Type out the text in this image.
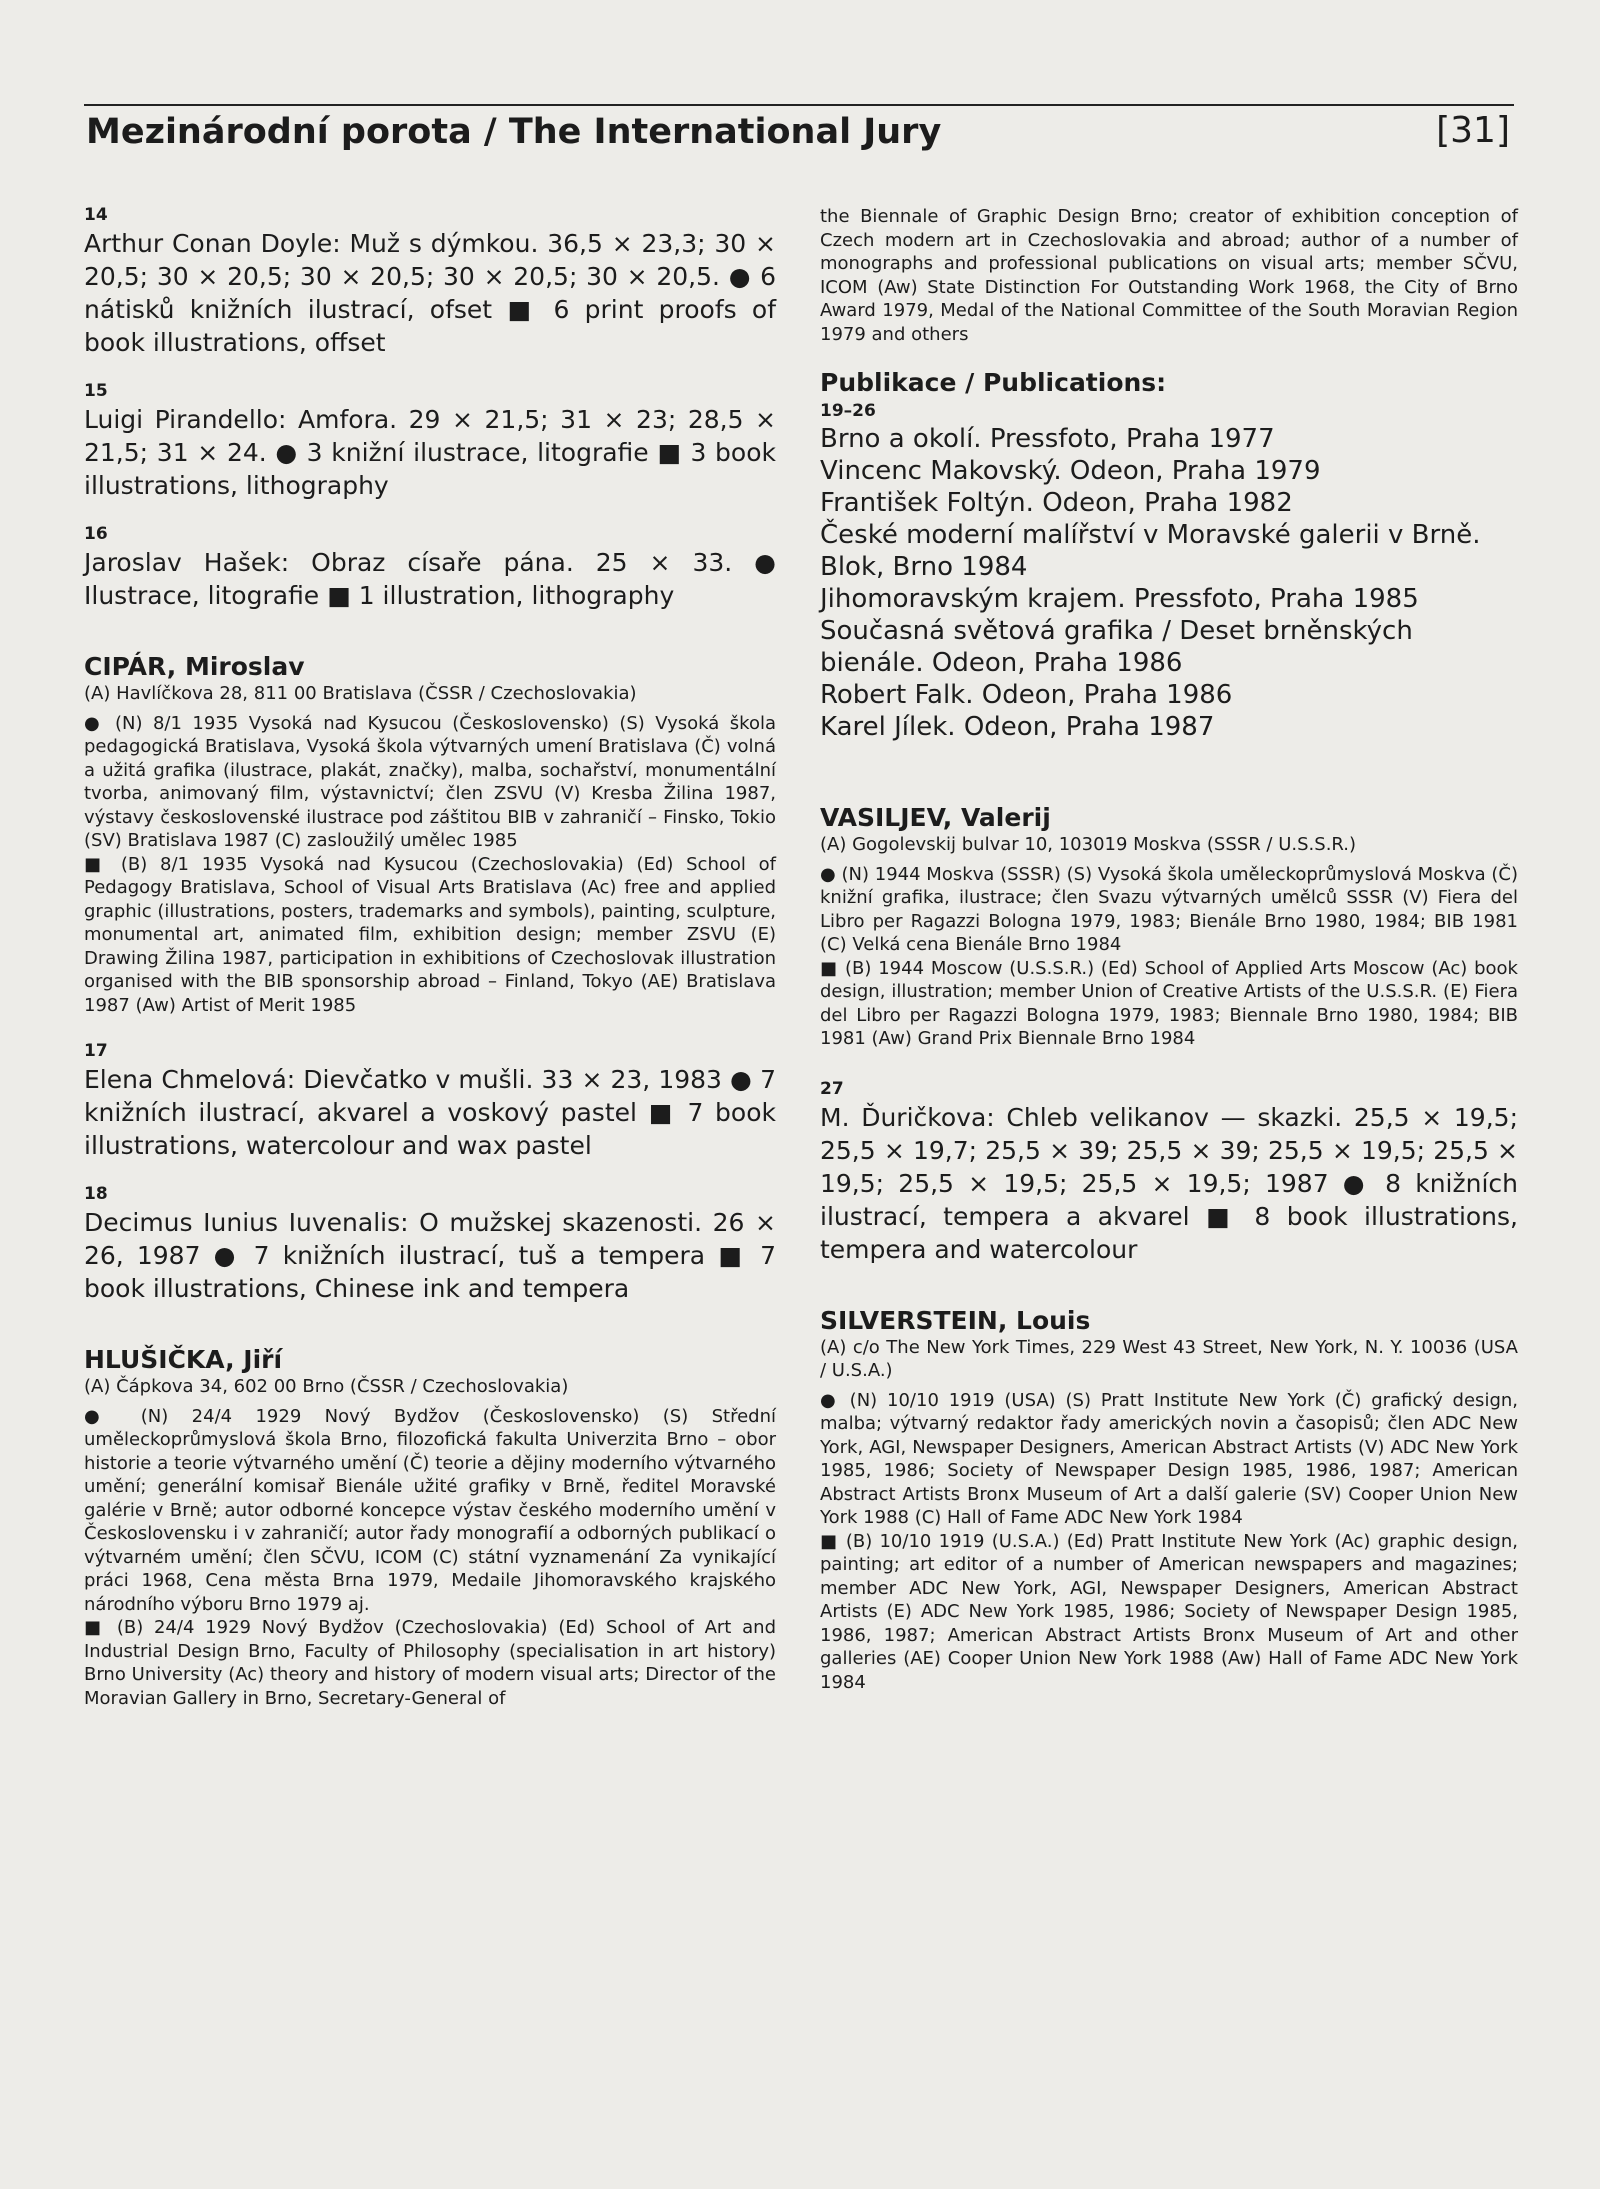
Mezinárodní porota / The International Jury	[31]

14

Arthur Conan Doyle: Muž s dýmkou. 36,5 × 23,3; 30 × 20,5; 30 × 20,5; 30 × 20,5; 30 × 20,5; 30 × 20,5. ● 6 nátisků knižních ilustrací, ofset ■ 6 print proofs of book illustrations, offset

15

Luigi Pirandello: Amfora. 29 × 21,5; 31 × 23; 28,5 × 21,5; 31 × 24. ● 3 knižní ilustrace, litografie ■ 3 book illustrations, lithography

16

Jaroslav Hašek: Obraz císaře pána. 25 × 33. ● Ilustrace, litografie ■ 1 illustration, lithography

CIPÁR, Miroslav

(A) Havlíčkova 28, 811 00 Bratislava (ČSSR / Czechoslovakia)

● (N) 8/1 1935 Vysoká nad Kysucou (Československo) (S) Vysoká škola pedagogická Bratislava, Vysoká škola výtvarných umení Bratislava (Č) volná a užitá grafika (ilustrace, plakát, značky), malba, sochařství, monumentální tvorba, animovaný film, výstavnictví; člen ZSVU (V) Kresba Žilina 1987, výstavy československé ilustrace pod záštitou BIB v zahraničí – Finsko, Tokio (SV) Bratislava 1987 (C) zasloužilý umělec 1985

■ (B) 8/1 1935 Vysoká nad Kysucou (Czechoslovakia) (Ed) School of Pedagogy Bratislava, School of Visual Arts Bratislava (Ac) free and applied graphic (illustrations, posters, trademarks and symbols), painting, sculpture, monumental art, animated film, exhibition design; member ZSVU (E) Drawing Žilina 1987, participation in exhibitions of Czechoslovak illustration organised with the BIB sponsorship abroad – Finland, Tokyo (AE) Bratislava 1987 (Aw) Artist of Merit 1985

17

Elena Chmelová: Dievčatko v mušli. 33 × 23, 1983 ● 7 knižních ilustrací, akvarel a voskový pastel ■ 7 book illustrations, watercolour and wax pastel

18

Decimus Iunius Iuvenalis: O mužskej skazenosti. 26 × 26, 1987 ● 7 knižních ilustrací, tuš a tempera ■ 7 book illustrations, Chinese ink and tempera

HLUŠIČKA, Jiří

(A) Čápkova 34, 602 00 Brno (ČSSR / Czechoslovakia)

● (N) 24/4 1929 Nový Bydžov (Československo) (S) Střední uměleckoprůmyslová škola Brno, filozofická fakulta Univerzita Brno – obor historie a teorie výtvarného umění (Č) teorie a dějiny moderního výtvarného umění; generální komisař Bienále užité grafiky v Brně, ředitel Moravské galérie v Brně; autor odborné koncepce výstav českého moderního umění v Československu i v zahraničí; autor řady monografií a odborných publikací o výtvarném umění; člen SČVU, ICOM (C) státní vyznamenání Za vynikající práci 1968, Cena města Brna 1979, Medaile Jihomoravského krajského národního výboru Brno 1979 aj.

■ (B) 24/4 1929 Nový Bydžov (Czechoslovakia) (Ed) School of Art and Industrial Design Brno, Faculty of Philosophy (specialisation in art history) Brno University (Ac) theory and history of modern visual arts; Director of the Moravian Gallery in Brno, Secretary-General of

the Biennale of Graphic Design Brno; creator of exhibition conception of Czech modern art in Czechoslovakia and abroad; author of a number of monographs and professional publications on visual arts; member SČVU, ICOM (Aw) State Distinction For Outstanding Work 1968, the City of Brno Award 1979, Medal of the National Committee of the South Moravian Region 1979 and others

Publikace / Publications:

19–26

Brno a okolí. Pressfoto, Praha 1977
Vincenc Makovský. Odeon, Praha 1979
František Foltýn. Odeon, Praha 1982
České moderní malířství v Moravské galerii v Brně. Blok, Brno 1984
Jihomoravským krajem. Pressfoto, Praha 1985
Současná světová grafika / Deset brněnských bienále. Odeon, Praha 1986
Robert Falk. Odeon, Praha 1986
Karel Jílek. Odeon, Praha 1987

VASILJEV, Valerij

(A) Gogolevskij bulvar 10, 103019 Moskva (SSSR / U.S.S.R.)

● (N) 1944 Moskva (SSSR) (S) Vysoká škola uměleckoprůmyslová Moskva (Č) knižní grafika, ilustrace; člen Svazu výtvarných umělců SSSR (V) Fiera del Libro per Ragazzi Bologna 1979, 1983; Bienále Brno 1980, 1984; BIB 1981 (C) Velká cena Bienále Brno 1984

■ (B) 1944 Moscow (U.S.S.R.) (Ed) School of Applied Arts Moscow (Ac) book design, illustration; member Union of Creative Artists of the U.S.S.R. (E) Fiera del Libro per Ragazzi Bologna 1979, 1983; Biennale Brno 1980, 1984; BIB 1981 (Aw) Grand Prix Biennale Brno 1984

27

M. Ďuričkova: Chleb velikanov — skazki. 25,5 × 19,5; 25,5 × 19,7; 25,5 × 39; 25,5 × 39; 25,5 × 19,5; 25,5 × 19,5; 25,5 × 19,5; 25,5 × 19,5; 1987 ● 8 knižních ilustrací, tempera a akvarel ■ 8 book illustrations, tempera and watercolour

SILVERSTEIN, Louis

(A) c/o The New York Times, 229 West 43 Street, New York, N. Y. 10036 (USA / U.S.A.)

● (N) 10/10 1919 (USA) (S) Pratt Institute New York (Č) grafický design, malba; výtvarný redaktor řady amerických novin a časopisů; člen ADC New York, AGI, Newspaper Designers, American Abstract Artists (V) ADC New York 1985, 1986; Society of Newspaper Design 1985, 1986, 1987; American Abstract Artists Bronx Museum of Art a další galerie (SV) Cooper Union New York 1988 (C) Hall of Fame ADC New York 1984

■ (B) 10/10 1919 (U.S.A.) (Ed) Pratt Institute New York (Ac) graphic design, painting; art editor of a number of American newspapers and magazines; member ADC New York, AGI, Newspaper Designers, American Abstract Artists (E) ADC New York 1985, 1986; Society of Newspaper Design 1985, 1986, 1987; American Abstract Artists Bronx Museum of Art and other galleries (AE) Cooper Union New York 1988 (Aw) Hall of Fame ADC New York 1984
